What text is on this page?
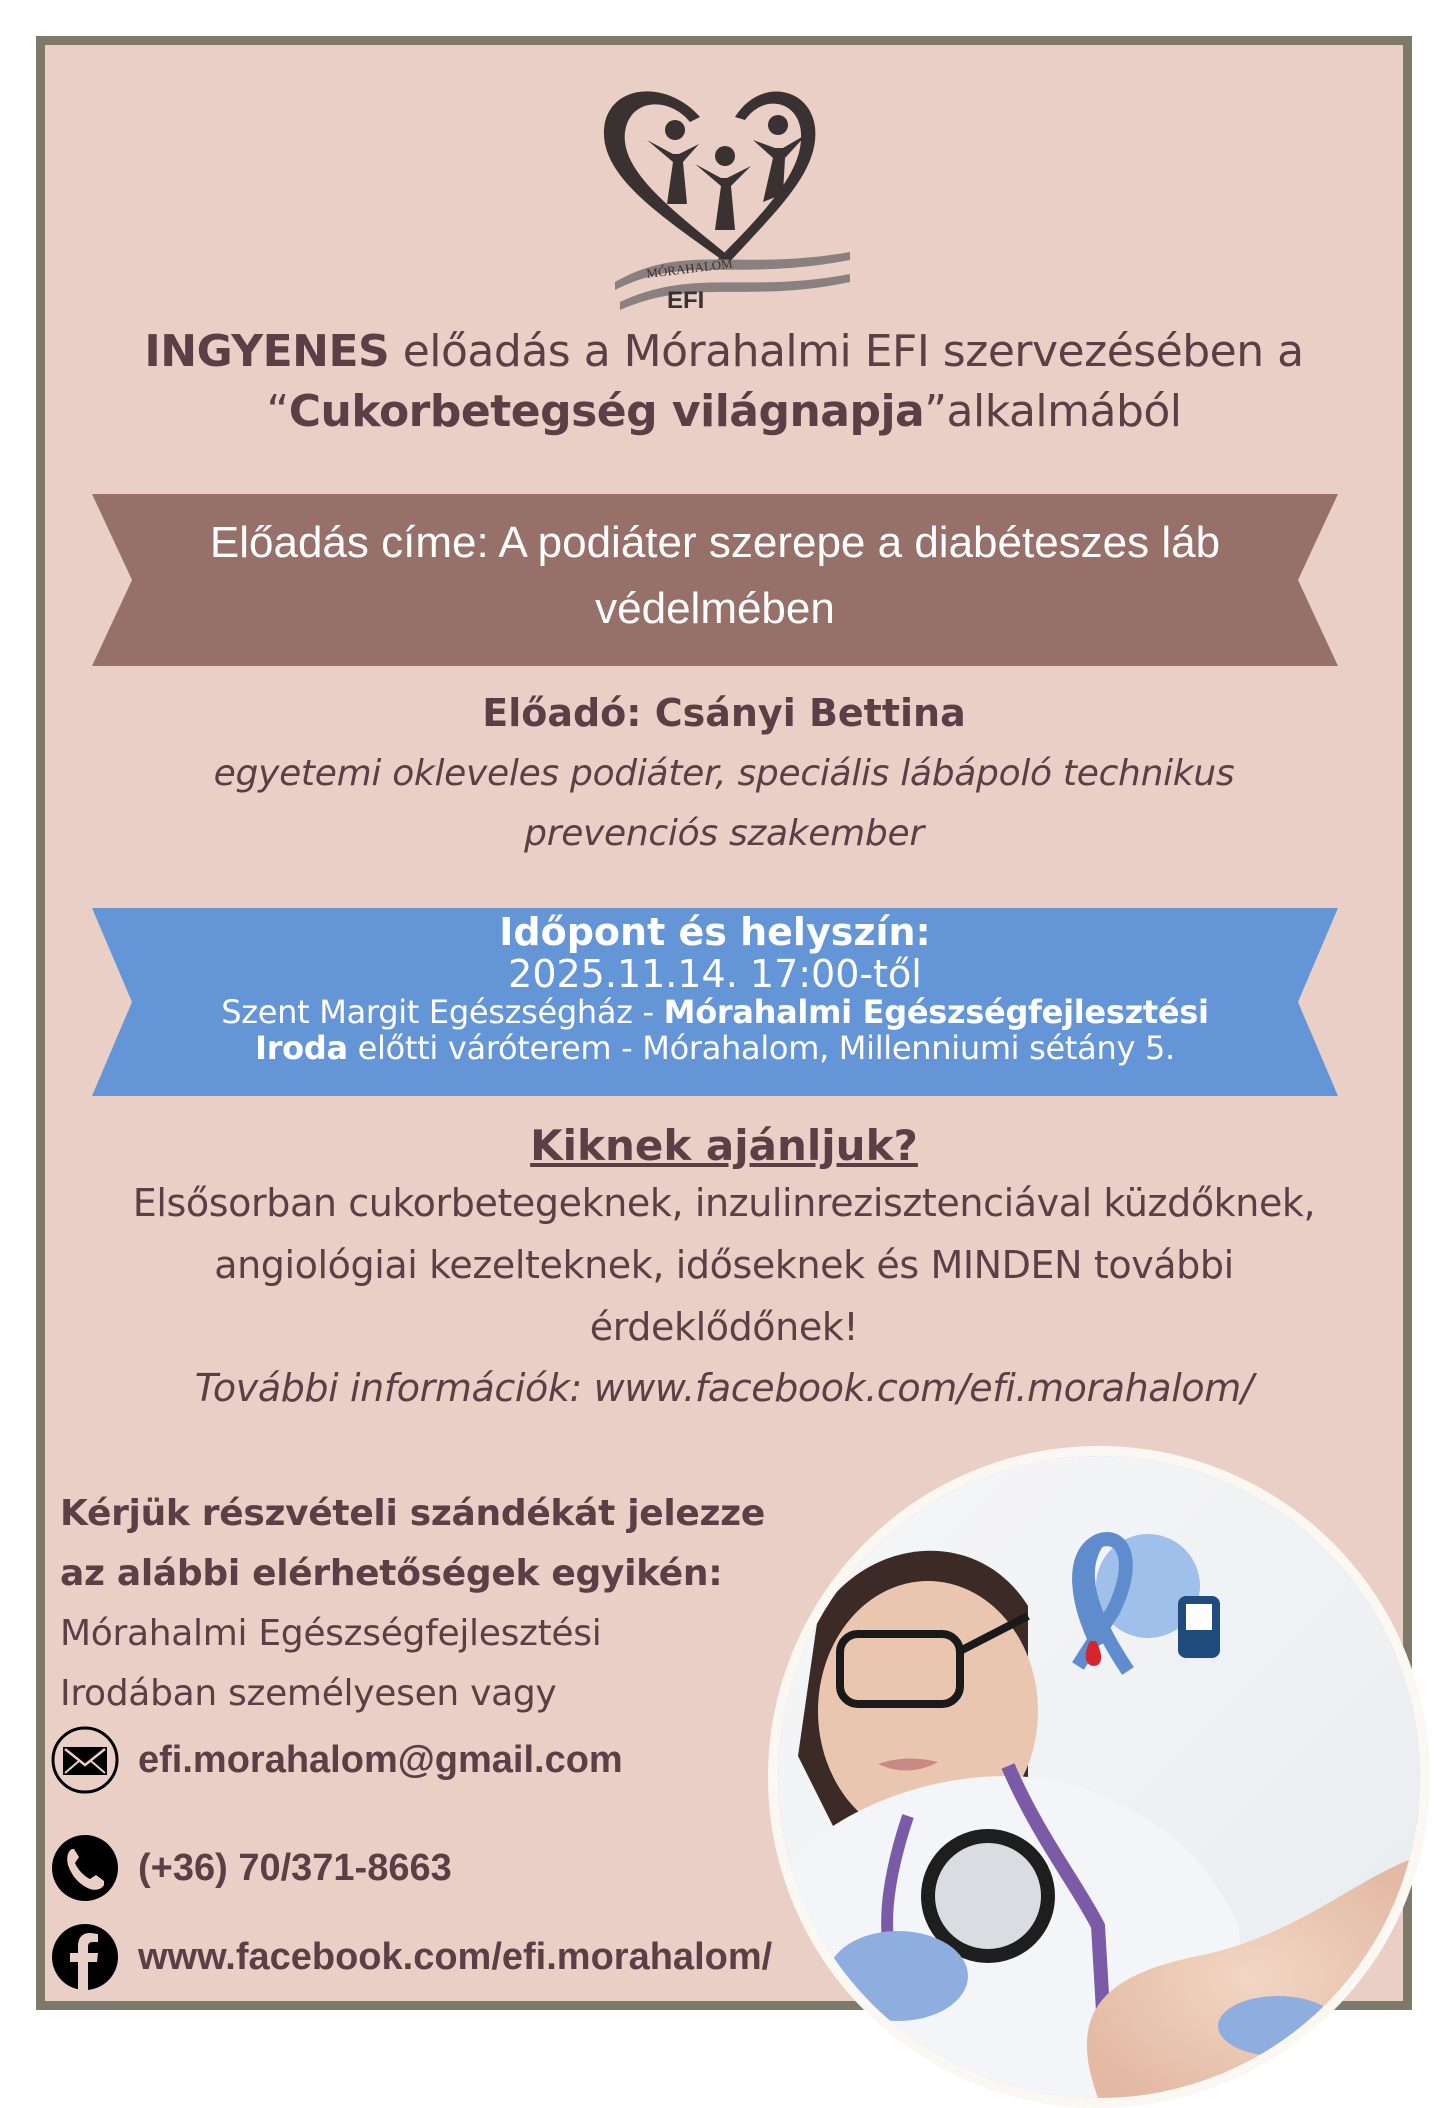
MÓRAHALOM
EFI
INGYENES előadás a Mórahalmi EFI szervezésében a
“Cukorbetegség világnapja”alkalmából
Előadás címe: A podiáter szerepe a diabéteszes láb
védelmében
Előadó: Csányi Bettina
egyetemi okleveles podiáter, speciális lábápoló technikus
prevenciós szakember
Időpont és helyszín:
2025.11.14. 17:00-től
Szent Margit Egészségház - Mórahalmi Egészségfejlesztési
Iroda előtti váróterem - Mórahalom, Millenniumi sétány 5.
Kiknek ajánljuk?
Elsősorban cukorbetegeknek, inzulinrezisztenciával küzdőknek,
angiológiai kezelteknek, időseknek és MINDEN további
érdeklődőnek!
További információk: www.facebook.com/efi.morahalom/
Kérjük részvételi szándékát jelezze
az alábbi elérhetőségek egyikén:
Mórahalmi Egészségfejlesztési
Irodában személyesen vagy
efi.morahalom@gmail.com
(+36) 70/371-8663
www.facebook.com/efi.morahalom/
